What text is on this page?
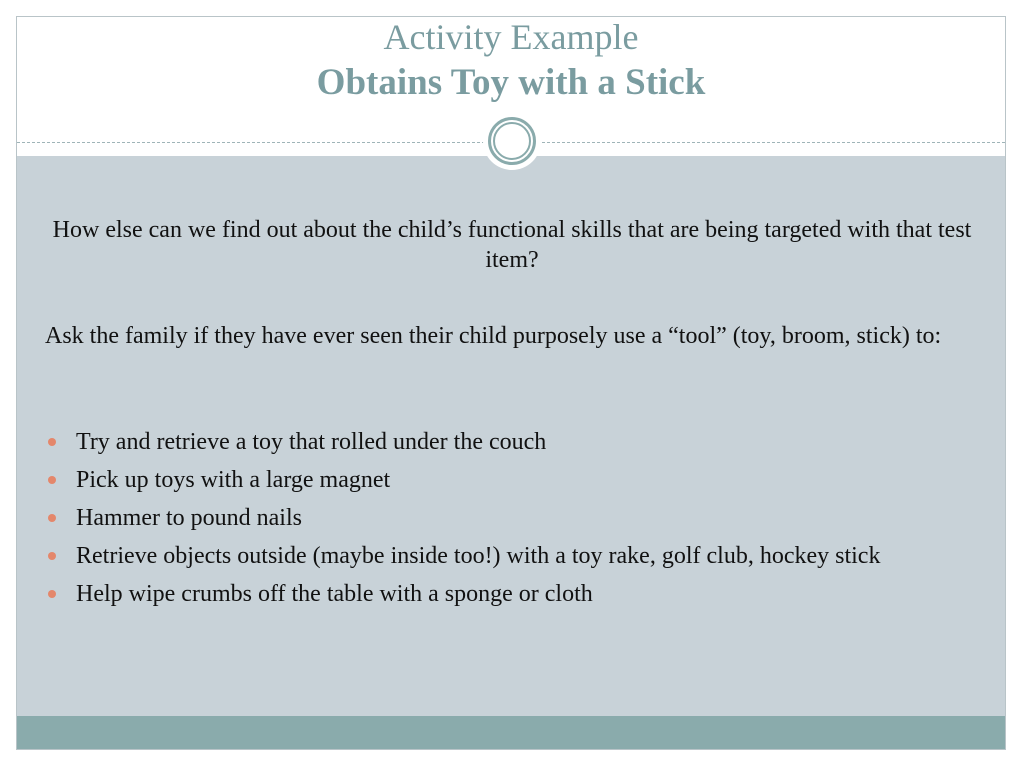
Activity Example
Obtains Toy with a Stick
How else can we find out about the child’s functional skills that are being targeted with that test item?
Ask the family if they have ever seen their child purposely use a “tool” (toy, broom, stick) to:
Try and retrieve a toy that rolled under the couch
Pick up toys with a large magnet
Hammer to pound nails
Retrieve objects outside (maybe inside too!) with a toy rake, golf club, hockey stick
Help wipe crumbs off the table with a sponge or cloth
